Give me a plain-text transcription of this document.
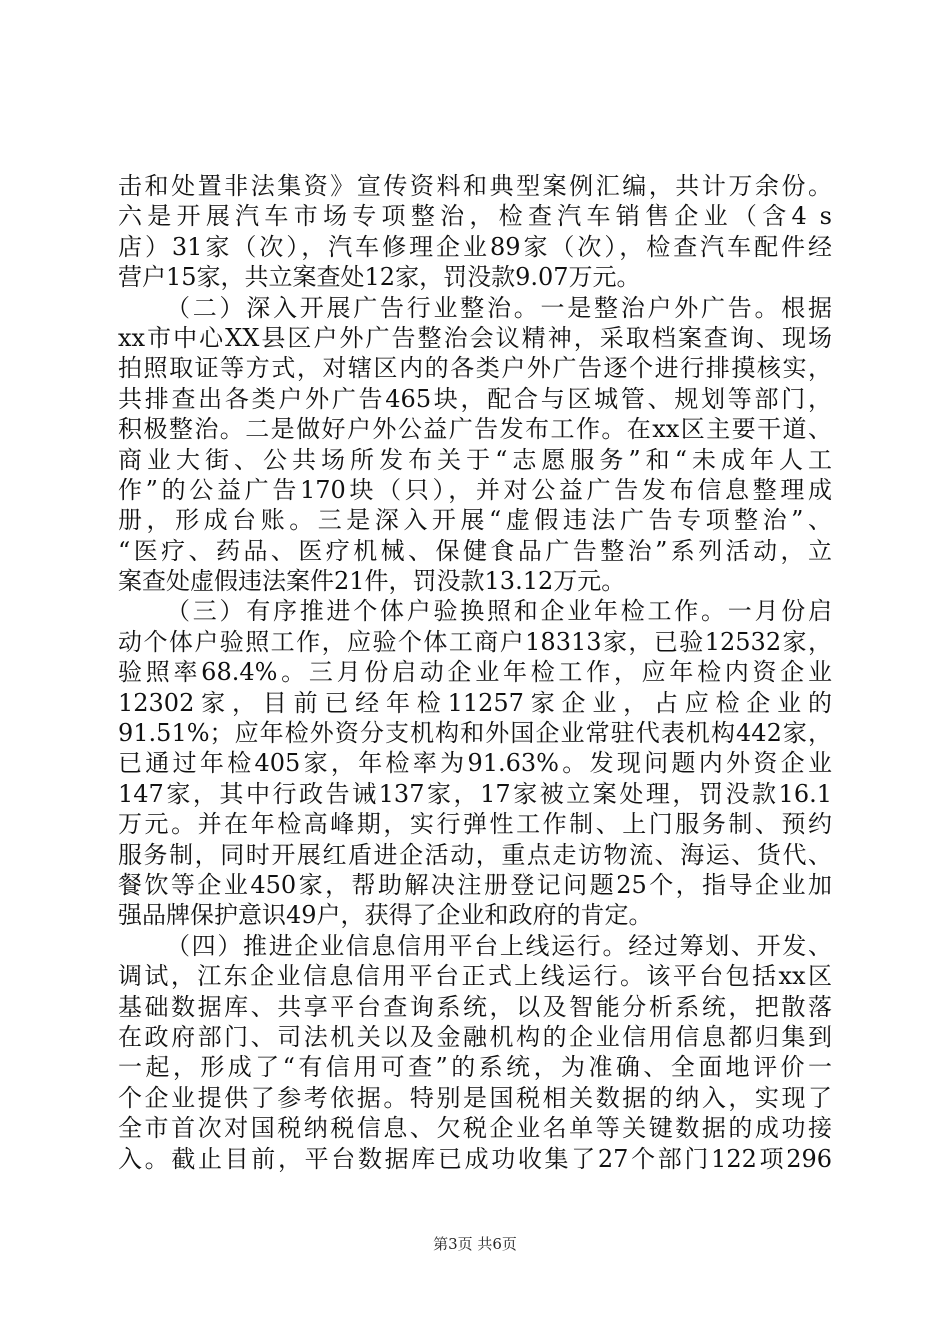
击和处置非法集资》宣传资料和典型案例汇编，共计万余份。
六是开展汽车市场专项整治，检查汽车销售企业（含4 s
店）31家（次），汽车修理企业89家（次），检查汽车配件经
营户15家，共立案查处12家，罚没款9.07万元。
（二）深入开展广告行业整治。一是整治户外广告。根据
xx市中心XX县区户外广告整治会议精神，采取档案查询、现场
拍照取证等方式，对辖区内的各类户外广告逐个进行排摸核实，
共排查出各类户外广告465块，配合与区城管、规划等部门，
积极整治。二是做好户外公益广告发布工作。在xx区主要干道、
商业大街、公共场所发布关于“志愿服务”和“未成年人工
作”的公益广告170块（只），并对公益广告发布信息整理成
册，形成台账。三是深入开展“虚假违法广告专项整治”、
“医疗、药品、医疗机械、保健食品广告整治”系列活动，立
案查处虚假违法案件21件，罚没款13.12万元。
（三）有序推进个体户验换照和企业年检工作。一月份启
动个体户验照工作，应验个体工商户18313家，已验12532家，
验照率68.4%。三月份启动企业年检工作，应年检内资企业
12302家，目前已经年检11257家企业，占应检企业的
91.51%；应年检外资分支机构和外国企业常驻代表机构442家，
已通过年检405家，年检率为91.63%。发现问题内外资企业
147家，其中行政告诫137家，17家被立案处理，罚没款16.1
万元。并在年检高峰期，实行弹性工作制、上门服务制、预约
服务制，同时开展红盾进企活动，重点走访物流、海运、货代、
餐饮等企业450家，帮助解决注册登记问题25个，指导企业加
强品牌保护意识49户，获得了企业和政府的肯定。
（四）推进企业信息信用平台上线运行。经过筹划、开发、
调试，江东企业信息信用平台正式上线运行。该平台包括xx区
基础数据库、共享平台查询系统，以及智能分析系统，把散落
在政府部门、司法机关以及金融机构的企业信用信息都归集到
一起，形成了“有信用可查”的系统，为准确、全面地评价一
个企业提供了参考依据。特别是国税相关数据的纳入，实现了
全市首次对国税纳税信息、欠税企业名单等关键数据的成功接
入。截止目前，平台数据库已成功收集了27个部门122项296
第3页 共6页
